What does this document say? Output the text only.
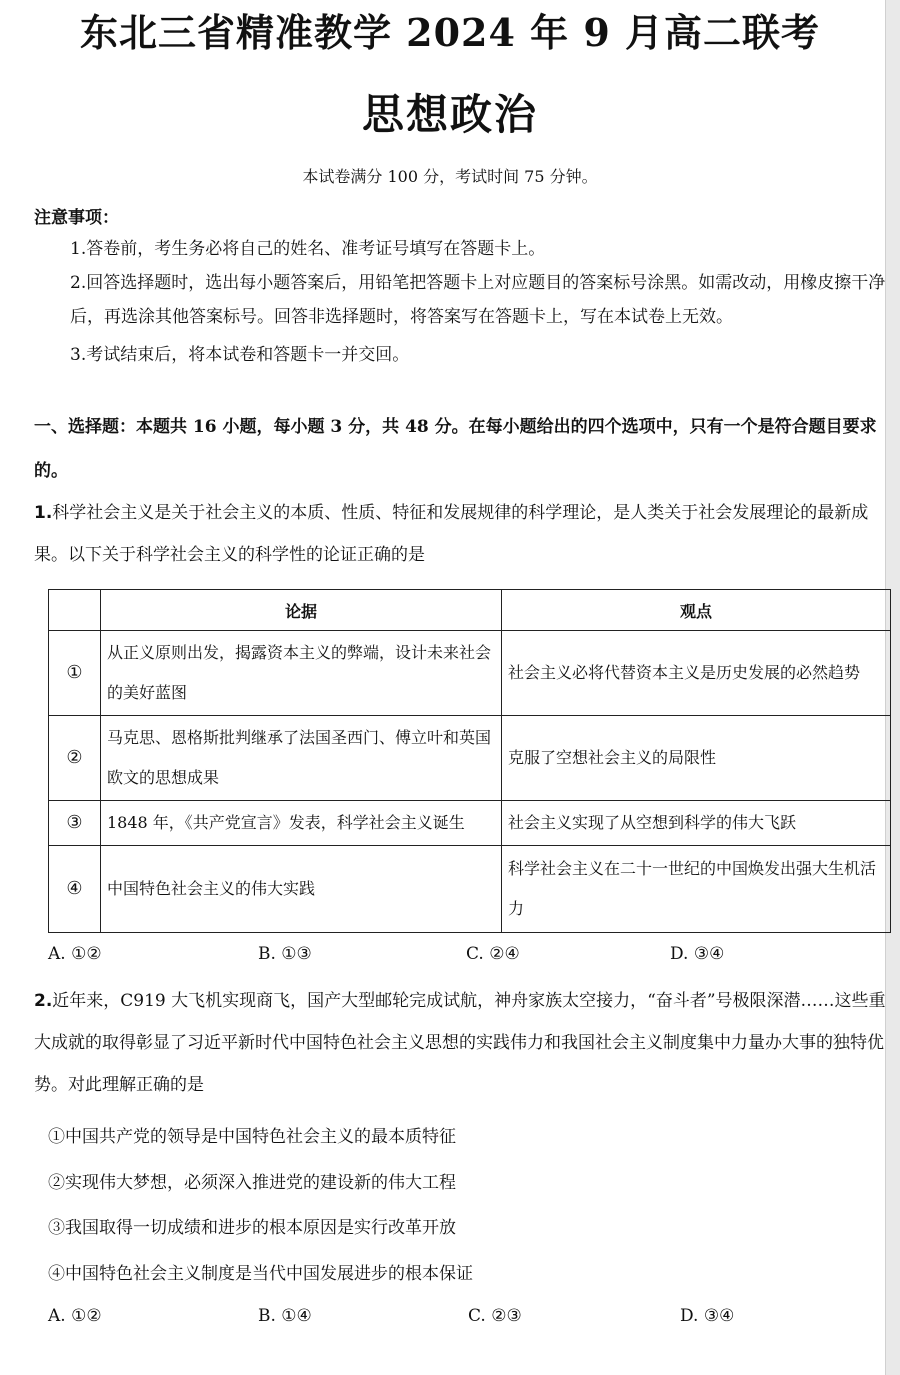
东北三省精准教学 2024 年 9 月高二联考
思想政治
本试卷满分 100 分，考试时间 75 分钟。
注意事项：
1.答卷前，考生务必将自己的姓名、准考证号填写在答题卡上。
2.回答选择题时，选出每小题答案后，用铅笔把答题卡上对应题目的答案标号涂黑。如需改动，用橡皮擦干净后，再选涂其他答案标号。回答非选择题时，将答案写在答题卡上，写在本试卷上无效。
3.考试结束后，将本试卷和答题卡一并交回。
一、选择题：本题共 16 小题，每小题 3 分，共 48 分。在每小题给出的四个选项中，只有一个是符合题目要求的。
1.科学社会主义是关于社会主义的本质、性质、特征和发展规律的科学理论，是人类关于社会发展理论的最新成果。以下关于科学社会主义的科学性的论证正确的是
	论据	观点
①	从正义原则出发，揭露资本主义的弊端，设计未来社会的美好蓝图	社会主义必将代替资本主义是历史发展的必然趋势
②	马克思、恩格斯批判继承了法国圣西门、傅立叶和英国欧文的思想成果	克服了空想社会主义的局限性
③	1848 年，《共产党宣言》发表，科学社会主义诞生	社会主义实现了从空想到科学的伟大飞跃
④	中国特色社会主义的伟大实践	科学社会主义在二十一世纪的中国焕发出强大生机活力
A. ①②	B. ①③	C. ②④	D. ③④
2.近年来，C919 大飞机实现商飞，国产大型邮轮完成试航，神舟家族太空接力，“奋斗者”号极限深潜……这些重大成就的取得彰显了习近平新时代中国特色社会主义思想的实践伟力和我国社会主义制度集中力量办大事的独特优势。对此理解正确的是
①中国共产党的领导是中国特色社会主义的最本质特征
②实现伟大梦想，必须深入推进党的建设新的伟大工程
③我国取得一切成绩和进步的根本原因是实行改革开放
④中国特色社会主义制度是当代中国发展进步的根本保证
A. ①②	B. ①④	C. ②③	D. ③④
